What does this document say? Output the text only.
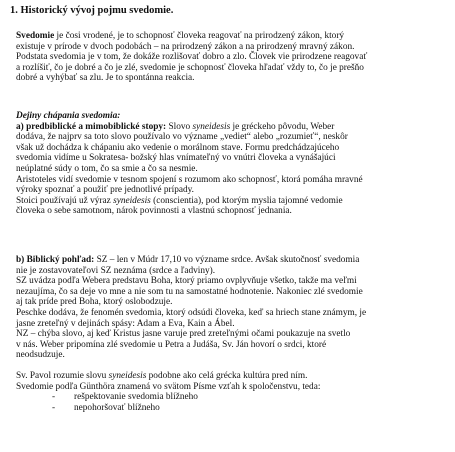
1. Historický vývoj pojmu svedomie.

Svedomie je čosi vrodené, je to schopnosť človeka reagovať na prirodzený zákon, ktorý

existuje v prírode v dvoch podobách – na prirodzený zákon a na prirodzený mravný zákon.

Podstata svedomia je v tom, že dokáže rozlišovať dobro a zlo. Človek vie prirodzene reagovať

a rozlíšiť, čo je dobré a čo je zlé, svedomie je schopnosť človeka hľadať vždy to, čo je prešňo

dobré a vyhýbať sa zlu. Je to spontánna reakcia.

Dejiny chápania svedomia:

a) predbiblické a mimobiblické stopy: Slovo syneidesis je gréckeho pôvodu, Weber

dodáva, že najprv sa toto slovo používalo vo význame „vediet“ alebo „rozumieť“, neskôr

však už dochádza k chápaniu ako vedenie o morálnom stave. Formu predchádzajúceho

svedomia vidíme u Sokratesa- božský hlas vnímateľný vo vnútri človeka a vynášajúci

neúplatné súdy o tom, čo sa smie a čo sa nesmie.

Aristoteles vidí svedomie v tesnom spojení s rozumom ako schopnosť, ktorá pomáha mravné

výroky spoznať a použiť pre jednotlivé prípady.

Stoici používajú už výraz syneidesis (conscientia), pod ktorým myslia tajomné vedomie

človeka o sebe samotnom, nárok povinnosti a vlastnú schopnosť jednania.

b) Biblický pohľad: SZ – len v Múdr 17,10 vo význame srdce. Avšak skutočnosť svedomia

nie je zostavovateľovi SZ neznáma (srdce a ľadviny).

SZ uvádza podľa Webera predstavu Boha, ktorý priamo ovplyvňuje všetko, takže ma veľmi

nezaujíma, čo sa deje vo mne a nie som tu na samostatné hodnotenie. Nakoniec zlé svedomie

aj tak príde pred Boha, ktorý oslobodzuje.

Peschke dodáva, že fenomén svedomia, ktorý odsúdi človeka, keď sa hriech stane známym, je

jasne zreteľný v dejinách spásy: Adam a Eva, Kain a Ábel.

NZ – chýba slovo, aj keď Kristus jasne varuje pred zreteľnými očami poukazuje na svetlo

v nás. Weber pripomína zlé svedomie u Petra a Judáša, Sv. Ján hovorí o srdci, ktoré

neodsudzuje.

Sv. Pavol rozumie slovu syneidesis podobne ako celá grécka kultúra pred ním.

Svedomie podľa Günthöra znamená vo svätom Písme vzťah k spoločenstvu, teda:

- rešpektovanie svedomia blížneho
- nepohoršovať blížneho
